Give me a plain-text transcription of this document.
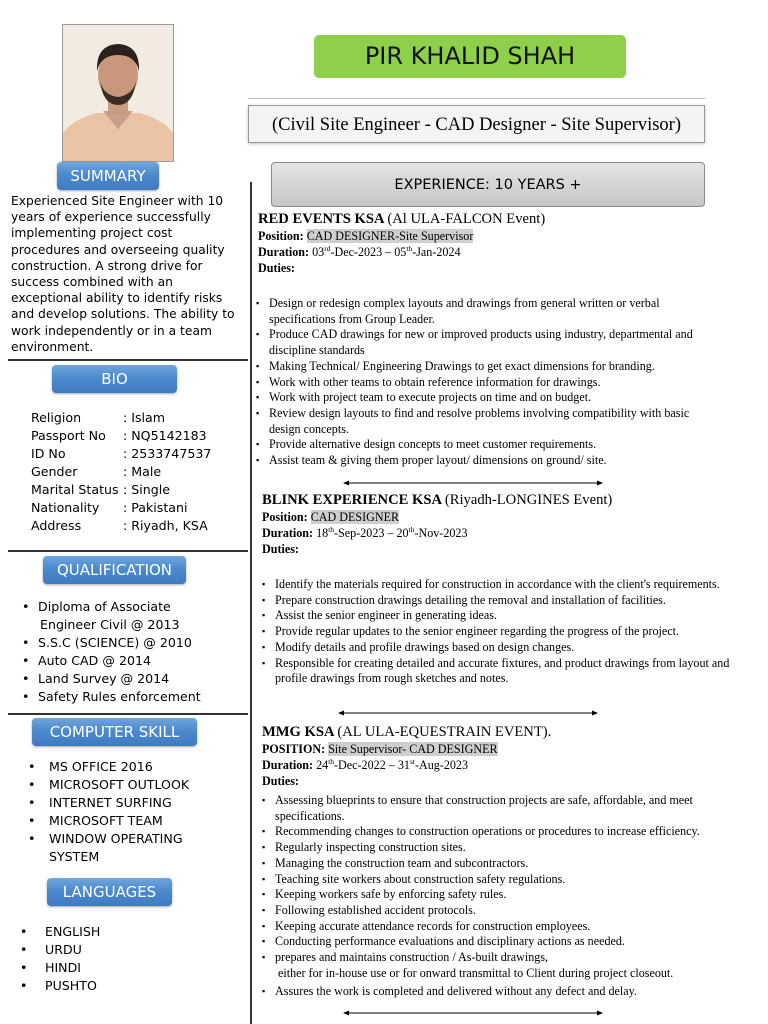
SUMMARY
Experienced Site Engineer with 10 years of experience successfully implementing project cost procedures and overseeing quality construction. A strong drive for success combined with an exceptional ability to identify risks and develop solutions. The ability to work independently or in a team environment.
BIO
Religion	: Islam
Passport No : NQ5142183
ID No	: 2533747537
Gender	: Male
Marital Status : Single
Nationality : Pakistani
Address	: Riyadh, KSA
QUALIFICATION
• Diploma of Associate
Engineer Civil @ 2013
• S.S.C (SCIENCE) @ 2010
• Auto CAD @ 2014
• Land Survey @ 2014
• Safety Rules enforcement
COMPUTER SKILL
• MS OFFICE 2016
• MICROSOFT OUTLOOK
• INTERNET SURFING
• MICROSOFT TEAM
• WINDOW OPERATING SYSTEM
LANGUAGES
• ENGLISH
• URDU
• HINDI
• PUSHTO
PIR KHALID SHAH
(Civil Site Engineer - CAD Designer - Site Supervisor)
EXPERIENCE: 10 YEARS +
RED EVENTS KSA (Al ULA-FALCON Event)
Position: CAD DESIGNER-Site Supervisor
Duration: 03rd-Dec-2023 – 05th-Jan-2024
Duties:
▪ Design or redesign complex layouts and drawings from general written or verbal specifications from Group Leader.
▪ Produce CAD drawings for new or improved products using industry, departmental and discipline standards
▪ Making Technical/ Engineering Drawings to get exact dimensions for branding.
▪ Work with other teams to obtain reference information for drawings.
▪ Work with project team to execute projects on time and on budget.
▪ Review design layouts to find and resolve problems involving compatibility with basic design concepts.
▪ Provide alternative design concepts to meet customer requirements.
▪ Assist team & giving them proper layout/ dimensions on ground/ site.
BLINK EXPERIENCE KSA (Riyadh-LONGINES Event)
Position: CAD DESIGNER
Duration: 18th-Sep-2023 – 20th-Nov-2023
Duties:
▪ Identify the materials required for construction in accordance with the client's requirements.
▪ Prepare construction drawings detailing the removal and installation of facilities.
▪ Assist the senior engineer in generating ideas.
▪ Provide regular updates to the senior engineer regarding the progress of the project.
▪ Modify details and profile drawings based on design changes.
▪ Responsible for creating detailed and accurate fixtures, and product drawings from layout and profile drawings from rough sketches and notes.
MMG KSA (AL ULA-EQUESTRAIN EVENT).
POSITION: Site Supervisor- CAD DESIGNER
Duration: 24th-Dec-2022 – 31st-Aug-2023
Duties:
▪ Assessing blueprints to ensure that construction projects are safe, affordable, and meet specifications.
▪ Recommending changes to construction operations or procedures to increase efficiency.
▪ Regularly inspecting construction sites.
▪ Managing the construction team and subcontractors.
▪ Teaching site workers about construction safety regulations.
▪ Keeping workers safe by enforcing safety rules.
▪ Following established accident protocols.
▪ Keeping accurate attendance records for construction employees.
▪ Conducting performance evaluations and disciplinary actions as needed.
▪ prepares and maintains construction / As-built drawings,
either for in-house use or for onward transmittal to Client during project closeout.
▪ Assures the work is completed and delivered without any defect and delay.
